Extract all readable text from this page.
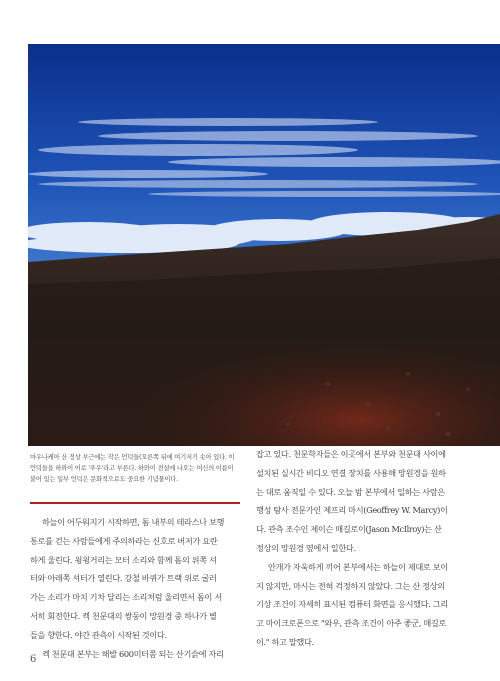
마우나케아 산 정상 부근에는 작은 언덕들(오른쪽 뒤에 여기저기 솟아 있다. 이
언덕들을 하와이 어로 '푸우'라고 부른다. 하와이 전설에 나오는 여신의 이름이
붙어 있는 일부 언덕은 문화적으로도 중요한 기념물이다.
하늘이 어두워지기 시작하면, 돔 내부의 테라스나 보행
통로를 걷는 사람들에게 주의하라는 신호로 버저가 요란
하게 울린다. 윙윙거리는 모터 소리와 함께 돔의 위쪽 셔
터와 아래쪽 셔터가 열린다. 강철 바퀴가 트랙 위로 굴러
가는 소리가 마치 기차 달리는 소리처럼 울리면서 돔이 서
서히 회전한다. 켁 천문대의 쌍둥이 망원경 중 하나가 별
들을 향한다. 야간 관측이 시작된 것이다.
켁 천문대 본부는 해발 600미터쯤 되는 산기슭에 자리
잡고 있다. 천문학자들은 이곳에서 본부와 천문대 사이에
설치된 실시간 비디오 연결 장치를 사용해 망원경을 원하
는 대로 움직일 수 있다. 오늘 밤 본부에서 일하는 사람은
행성 탐사 전문가인 제프리 마시(Geoffrey W. Marcy)이
다. 관측 조수인 제이슨 매길로이(Jason McIlroy)는 산
정상의 망원경 옆에서 일한다.
안개가 자욱하게 끼어 본부에서는 하늘이 제대로 보이
지 않지만, 마시는 전혀 걱정하지 않았다. 그는 산 정상의
기상 조건이 자세히 표시된 컴퓨터 화면을 응시했다. 그리
고 마이크로폰으로 "와우, 관측 조건이 아주 좋군, 매길로
이." 하고 말했다.
6
